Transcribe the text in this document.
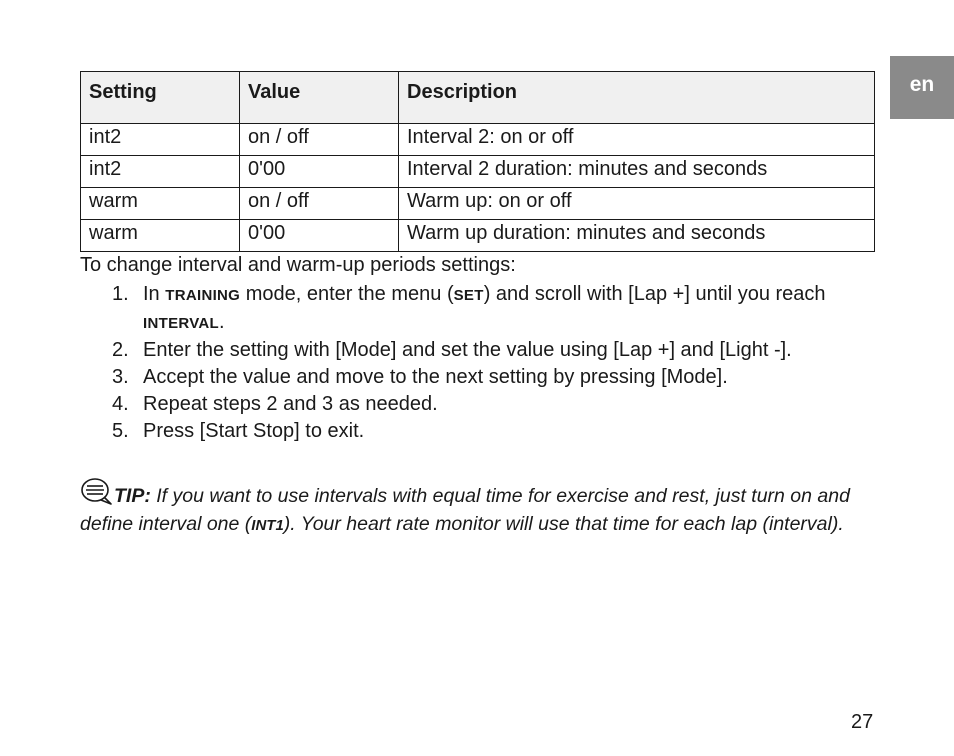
en
Setting	Value	Description
int2	on / off	Interval 2: on or off
int2	0'00	Interval 2 duration: minutes and seconds
warm	on / off	Warm up: on or off
warm	0'00	Warm up duration: minutes and seconds
To change interval and warm-up periods settings:
1. In TRAINING mode, enter the menu (SET) and scroll with [Lap +] until you reach
INTERVAL.
2. Enter the setting with [Mode] and set the value using [Lap +] and [Light -].
3. Accept the value and move to the next setting by pressing [Mode].
4. Repeat steps 2 and 3 as needed.
5. Press [Start Stop] to exit.
TIP: If you want to use intervals with equal time for exercise and rest, just turn on and define interval one (INT1). Your heart rate monitor will use that time for each lap (interval).
27
